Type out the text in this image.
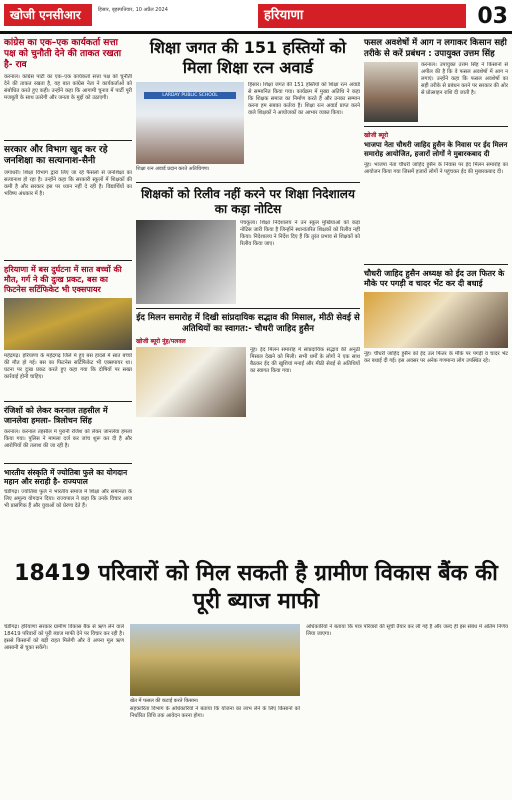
खोजी एनसीआर	हिसार, बृहस्पतिवार, 10 अप्रैल 2024	हरियाणा	03
कांग्रेस का एक–एक कार्यकर्ता सत्ता पक्ष को चुनौती देने की ताकत रखता है- राव
करनाल। कांग्रेस पार्टी का एक–एक कार्यकर्ता सत्ता पक्ष को चुनौती देने की ताकत रखता है, यह बात कांग्रेस नेता ने कार्यकर्ताओं को संबोधित करते हुए कही। उन्होंने कहा कि आगामी चुनाव में पार्टी पूरी मजबूती के साथ उतरेगी और जनता के मुद्दों को उठाएगी।
सरकार और विभाग खुद कर रहे जनशिक्षा का सत्यानाश-सैनी
जगाधरी। शिक्षा विभाग द्वारा लिए जा रहे फैसलों से जनशिक्षा का सत्यानाश हो रहा है। उन्होंने कहा कि सरकारी स्कूलों में शिक्षकों की कमी है और सरकार इस पर ध्यान नहीं दे रही है। विद्यार्थियों का भविष्य अंधकार में है।
हरियाणा में बस दुर्घटना में सात बच्चों की मौत, गर्ग ने की दुःख प्रकट, बस का फिटनेस सर्टिफिकेट भी एक्सपायर
महेंद्रगढ़। हरियाणा के महेंद्रगढ़ जिले में हुए बस हादसे में सात बच्चों की मौत हो गई। बस का फिटनेस सर्टिफिकेट भी एक्सपायर था। घटना पर दुःख प्रकट करते हुए कहा गया कि दोषियों पर सख्त कार्रवाई होनी चाहिए।
रंजिशों को लेकर करनाल तहसील में जानलेवा हमला- त्रिलोचन सिंह
करनाल। करनाल तहसील में पुरानी रंजिश को लेकर जानलेवा हमला किया गया। पुलिस ने मामला दर्ज कर जांच शुरू कर दी है और आरोपियों की तलाश की जा रही है।
भारतीय संस्कृति में ज्योतिबा फुले का योगदान महान और सराही है- राज्यपाल
चंडीगढ़। ज्योतिबा फुले ने भारतीय समाज में शिक्षा और समानता के लिए अमूल्य योगदान दिया। राज्यपाल ने कहा कि उनके विचार आज भी प्रासंगिक हैं और युवाओं को प्रेरणा देते हैं।
शिक्षा जगत की 151 हस्तियों को मिला शिक्षा रत्न अवार्ड
LARDAY PUBLIC SCHOOL
शिक्षा रत्न अवार्ड प्रदान करते अतिथिगण।
हिसार। शिक्षा जगत की 151 हस्तियों को शिक्षा रत्न अवार्ड से सम्मानित किया गया। कार्यक्रम में मुख्य अतिथि ने कहा कि शिक्षक समाज का निर्माण करते हैं और उनका सम्मान करना हम सबका कर्तव्य है। शिक्षा रत्न अवार्ड प्राप्त करने वाले शिक्षकों ने आयोजकों का आभार व्यक्त किया।
शिक्षकों को रिलीव नहीं करने पर शिक्षा निदेशालय का कड़ा नोटिस
पंचकूला। शिक्षा निदेशालय ने उन स्कूल मुखियाओं को कड़ा नोटिस जारी किया है जिन्होंने स्थानांतरित शिक्षकों को रिलीव नहीं किया। निदेशालय ने निर्देश दिए हैं कि तुरंत प्रभाव से शिक्षकों को रिलीव किया जाए।
ईद मिलन समारोह में दिखी सांप्रदायिक सद्भाव की मिसाल, मीठी सेवई से अतिथियों का स्वागत:- चौधरी जाहिद हुसैन
खोजी ब्यूरो नूंह/पलवल
नूंह। ईद मिलन समारोह में सांप्रदायिक सद्भाव की अनूठी मिसाल देखने को मिली। सभी धर्मों के लोगों ने एक साथ बैठकर ईद की खुशियां मनाईं और मीठी सेवई से अतिथियों का स्वागत किया गया।
फसल अवशेषों में आग न लगाकर किसान सही तरीके से करें प्रबंधन : उपायुक्त उत्तम सिंह
करनाल। उपायुक्त उत्तम सिंह ने किसानों से अपील की है कि वे फसल अवशेषों में आग न लगाएं। उन्होंने कहा कि फसल अवशेषों का सही तरीके से प्रबंधन करने पर सरकार की ओर से प्रोत्साहन राशि दी जाती है।
खोजी ब्यूरो
भाजपा नेता चौधरी जाहिद हुसैन के निवास पर ईद मिलन समारोह आयोजित, हजारों लोगों ने मुबारकबाद दी
नूंह। भाजपा नेता चौधरी जाहिद हुसैन के निवास पर ईद मिलन समारोह का आयोजन किया गया जिसमें हजारों लोगों ने पहुंचकर ईद की मुबारकबाद दी।
चौधरी जाहिद हुसैन अध्यक्ष को ईद उल फितर के मौके पर पगड़ी व चादर भेंट कर दी बधाई
नूंह। चौधरी जाहिद हुसैन को ईद उल फितर के मौके पर पगड़ी व चादर भेंट कर बधाई दी गई। इस अवसर पर अनेक गणमान्य लोग उपस्थित रहे।
18419 परिवारों को मिल सकती है ग्रामीण विकास बैंक की पूरी ब्याज माफी
चंडीगढ़। हरियाणा सरकार ग्रामीण विकास बैंक से ऋण लेने वाले 18419 परिवारों को पूरी ब्याज माफी देने पर विचार कर रही है। इससे किसानों को बड़ी राहत मिलेगी और वे अपना मूल ऋण आसानी से चुका सकेंगे।
खेत में फसल की कटाई करते किसान।
सहकारिता विभाग के अधिकारियों ने बताया कि योजना का लाभ लेने के लिए किसानों को निर्धारित तिथि तक आवेदन करना होगा।
अधिकारियों ने बताया कि पात्र परिवारों की सूची तैयार कर ली गई है और जल्द ही इस संबंध में अंतिम निर्णय लिया जाएगा।
